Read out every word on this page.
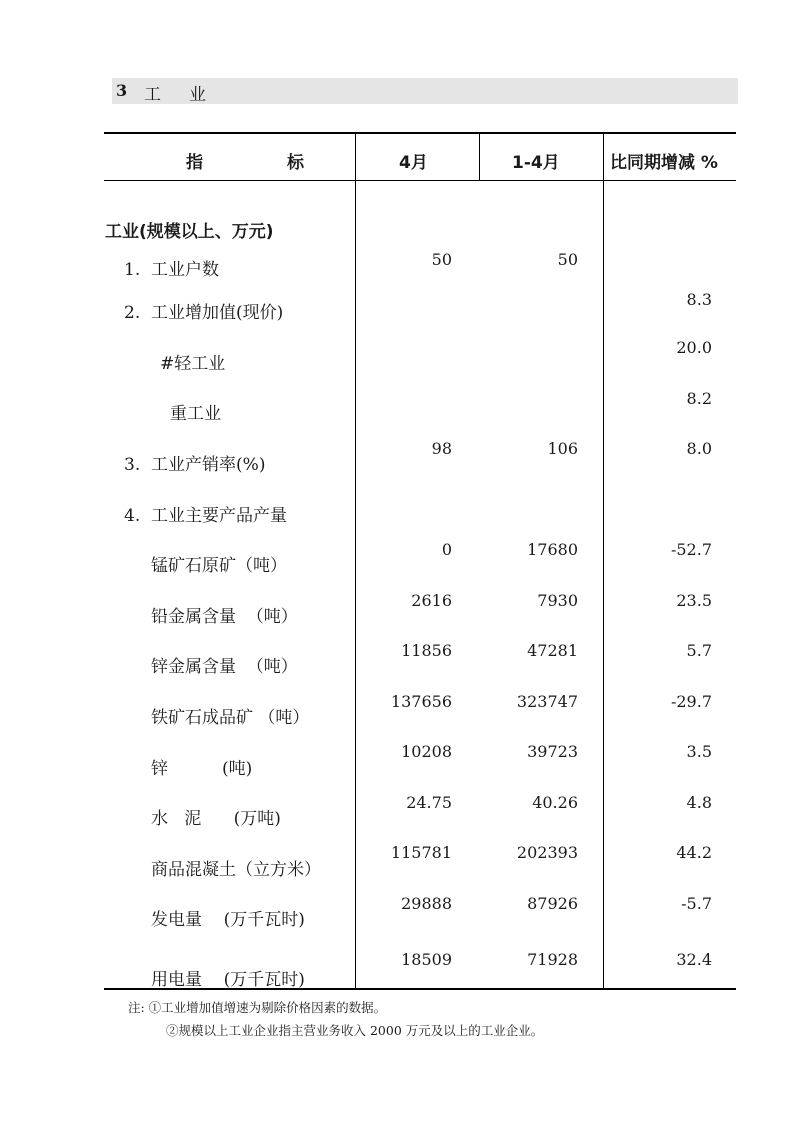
3 工业
指标 4月	1-4月	比同期增减 %
工业(规模以上、万元)
1.  工业户数
2.  工业增加值(现价)
#轻工业
重工业
3.  工业产销率(%)
4.  工业主要产品产量
锰矿石原矿（吨）
铅金属含量  （吨）
锌金属含量  （吨）
铁矿石成品矿 （吨）
锌          (吨)
水   泥      (万吨)
商品混凝土（立方米）
发电量    (万千瓦时)
用电量    (万千瓦时)
50
98
0
2616
11856
137656
10208
24.75
115781
29888
18509
50
106
17680
7930
47281
323747
39723
40.26
202393
87926
71928
8.3
20.0
8.2
8.0
-52.7
23.5
5.7
-29.7
3.5
4.8
44.2
-5.7
32.4
注: ①工业增加值增速为剔除价格因素的数据。
②规模以上工业企业指主营业务收入 2000 万元及以上的工业企业。
